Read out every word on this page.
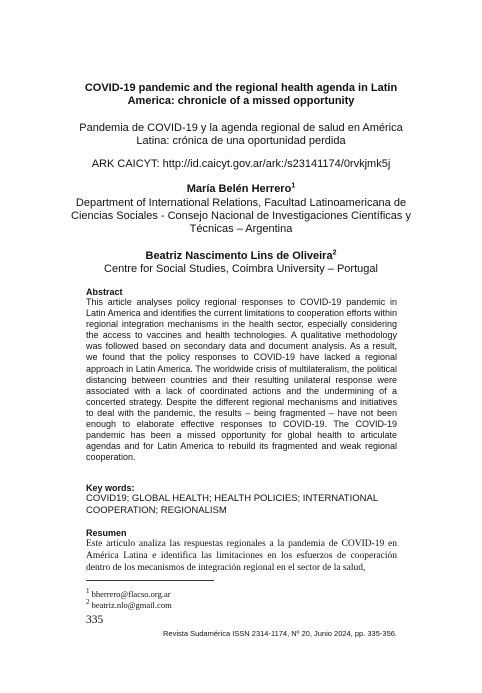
COVID-19 pandemic and the regional health agenda in Latin America: chronicle of a missed opportunity
Pandemia de COVID-19 y la agenda regional de salud en América Latina: crónica de una oportunidad perdida
ARK CAICYT: http://id.caicyt.gov.ar/ark:/s23141174/0rvkjmk5j
María Belén Herrero$^1$
Department of International Relations, Facultad Latinoamericana de Ciencias Sociales - Consejo Nacional de Investigaciones Científicas y Técnicas – Argentina
Beatriz Nascimento Lins de Oliveira$^2$
Centre for Social Studies, Coimbra University – Portugal
Abstract
This article analyses policy regional responses to COVID-19 pandemic in Latin America and identifies the current limitations to cooperation efforts within regional integration mechanisms in the health sector, especially considering the access to vaccines and health technologies. A qualitative methodology was followed based on secondary data and document analysis. As a result, we found that the policy responses to COVID-19 have lacked a regional approach in Latin America. The worldwide crisis of multilateralism, the political distancing between countries and their resulting unilateral response were associated with a lack of coordinated actions and the undermining of a concerted strategy. Despite the different regional mechanisms and initiatives to deal with the pandemic, the results – being fragmented – have not been enough to elaborate effective responses to COVID-19. The COVID-19 pandemic has been a missed opportunity for global health to articulate agendas and for Latin America to rebuild its fragmented and weak regional cooperation.
Key words:
COVID19; GLOBAL HEALTH; HEALTH POLICIES; INTERNATIONAL COOPERATION; REGIONALISM
Resumen
Este artículo analiza las respuestas regionales a la pandemia de COVID-19 en América Latina e identifica las limitaciones en los esfuerzos de cooperación dentro de los mecanismos de integración regional en el sector de la salud,
$^1$ bherrero@flacso.org.ar
$^2$ beatriz.nlo@gmail.com
335
Revista Sudamérica ISSN 2314-1174, Nº 20, Junio 2024, pp. 335-356.
